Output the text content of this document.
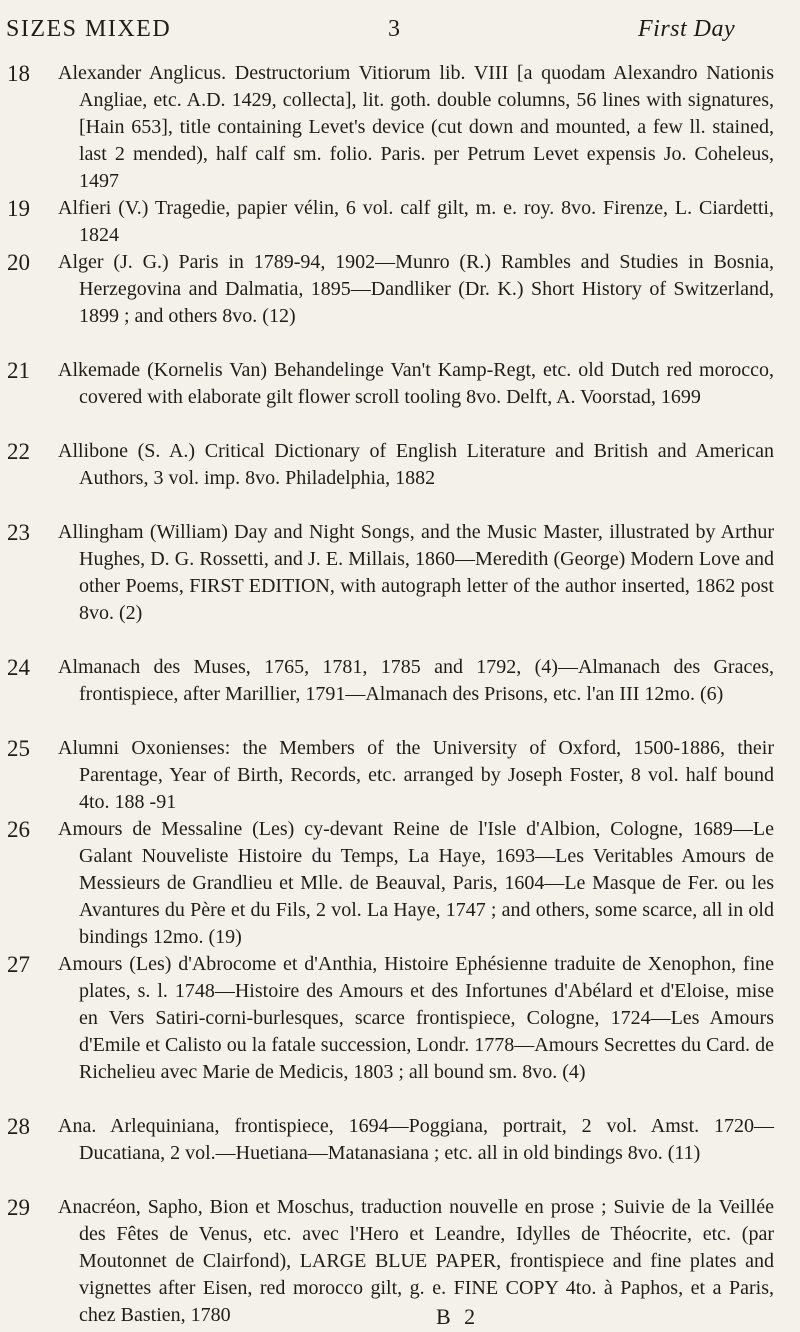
SIZES MIXED	3	First Day
18	Alexander Anglicus. Destructorium Vitiorum lib. VIII [a quodam Alexandro Nationis Angliae, etc. A.D. 1429, collecta], lit. goth. double columns, 56 lines with signatures, [Hain 653], title containing Levet's device (cut down and mounted, a few ll. stained, last 2 mended), half calf sm. folio. Paris. per Petrum Levet expensis Jo. Coheleus, 1497
19	Alfieri (V.) Tragedie, papier vélin, 6 vol. calf gilt, m. e. roy. 8vo. Firenze, L. Ciardetti, 1824
20	Alger (J. G.) Paris in 1789-94, 1902—Munro (R.) Rambles and Studies in Bosnia, Herzegovina and Dalmatia, 1895—Dandliker (Dr. K.) Short History of Switzerland, 1899 ; and others 8vo. (12)
21	Alkemade (Kornelis Van) Behandelinge Van't Kamp-Regt, etc. old Dutch red morocco, covered with elaborate gilt flower scroll tooling 8vo. Delft, A. Voorstad, 1699
22	Allibone (S. A.) Critical Dictionary of English Literature and British and American Authors, 3 vol. imp. 8vo. Philadelphia, 1882
23	Allingham (William) Day and Night Songs, and the Music Master, illustrated by Arthur Hughes, D. G. Rossetti, and J. E. Millais, 1860—Meredith (George) Modern Love and other Poems, FIRST EDITION, with autograph letter of the author inserted, 1862 post 8vo. (2)
24	Almanach des Muses, 1765, 1781, 1785 and 1792, (4)—Almanach des Graces, frontispiece, after Marillier, 1791—Almanach des Prisons, etc. l'an III 12mo. (6)
25	Alumni Oxonienses: the Members of the University of Oxford, 1500-1886, their Parentage, Year of Birth, Records, etc. arranged by Joseph Foster, 8 vol. half bound 4to. 188 -91
26	Amours de Messaline (Les) cy-devant Reine de l'Isle d'Albion, Cologne, 1689—Le Galant Nouveliste Histoire du Temps, La Haye, 1693—Les Veritables Amours de Messieurs de Grandlieu et Mlle. de Beauval, Paris, 1604—Le Masque de Fer. ou les Avantures du Père et du Fils, 2 vol. La Haye, 1747 ; and others, some scarce, all in old bindings 12mo. (19)
27	Amours (Les) d'Abrocome et d'Anthia, Histoire Ephésienne traduite de Xenophon, fine plates, s. l. 1748—Histoire des Amours et des Infortunes d'Abélard et d'Eloise, mise en Vers Satiri-corni-burlesques, scarce frontispiece, Cologne, 1724—Les Amours d'Emile et Calisto ou la fatale succession, Londr. 1778—Amours Secrettes du Card. de Richelieu avec Marie de Medicis, 1803 ; all bound sm. 8vo. (4)
28	Ana. Arlequiniana, frontispiece, 1694—Poggiana, portrait, 2 vol. Amst. 1720—Ducatiana, 2 vol.—Huetiana—Matanasiana ; etc. all in old bindings 8vo. (11)
29	Anacréon, Sapho, Bion et Moschus, traduction nouvelle en prose ; Suivie de la Veillée des Fêtes de Venus, etc. avec l'Hero et Leandre, Idylles de Théocrite, etc. (par Moutonnet de Clairfond), LARGE BLUE PAPER, frontispiece and fine plates and vignettes after Eisen, red morocco gilt, g. e. FINE COPY 4to. à Paphos, et a Paris, chez Bastien, 1780	B 2
